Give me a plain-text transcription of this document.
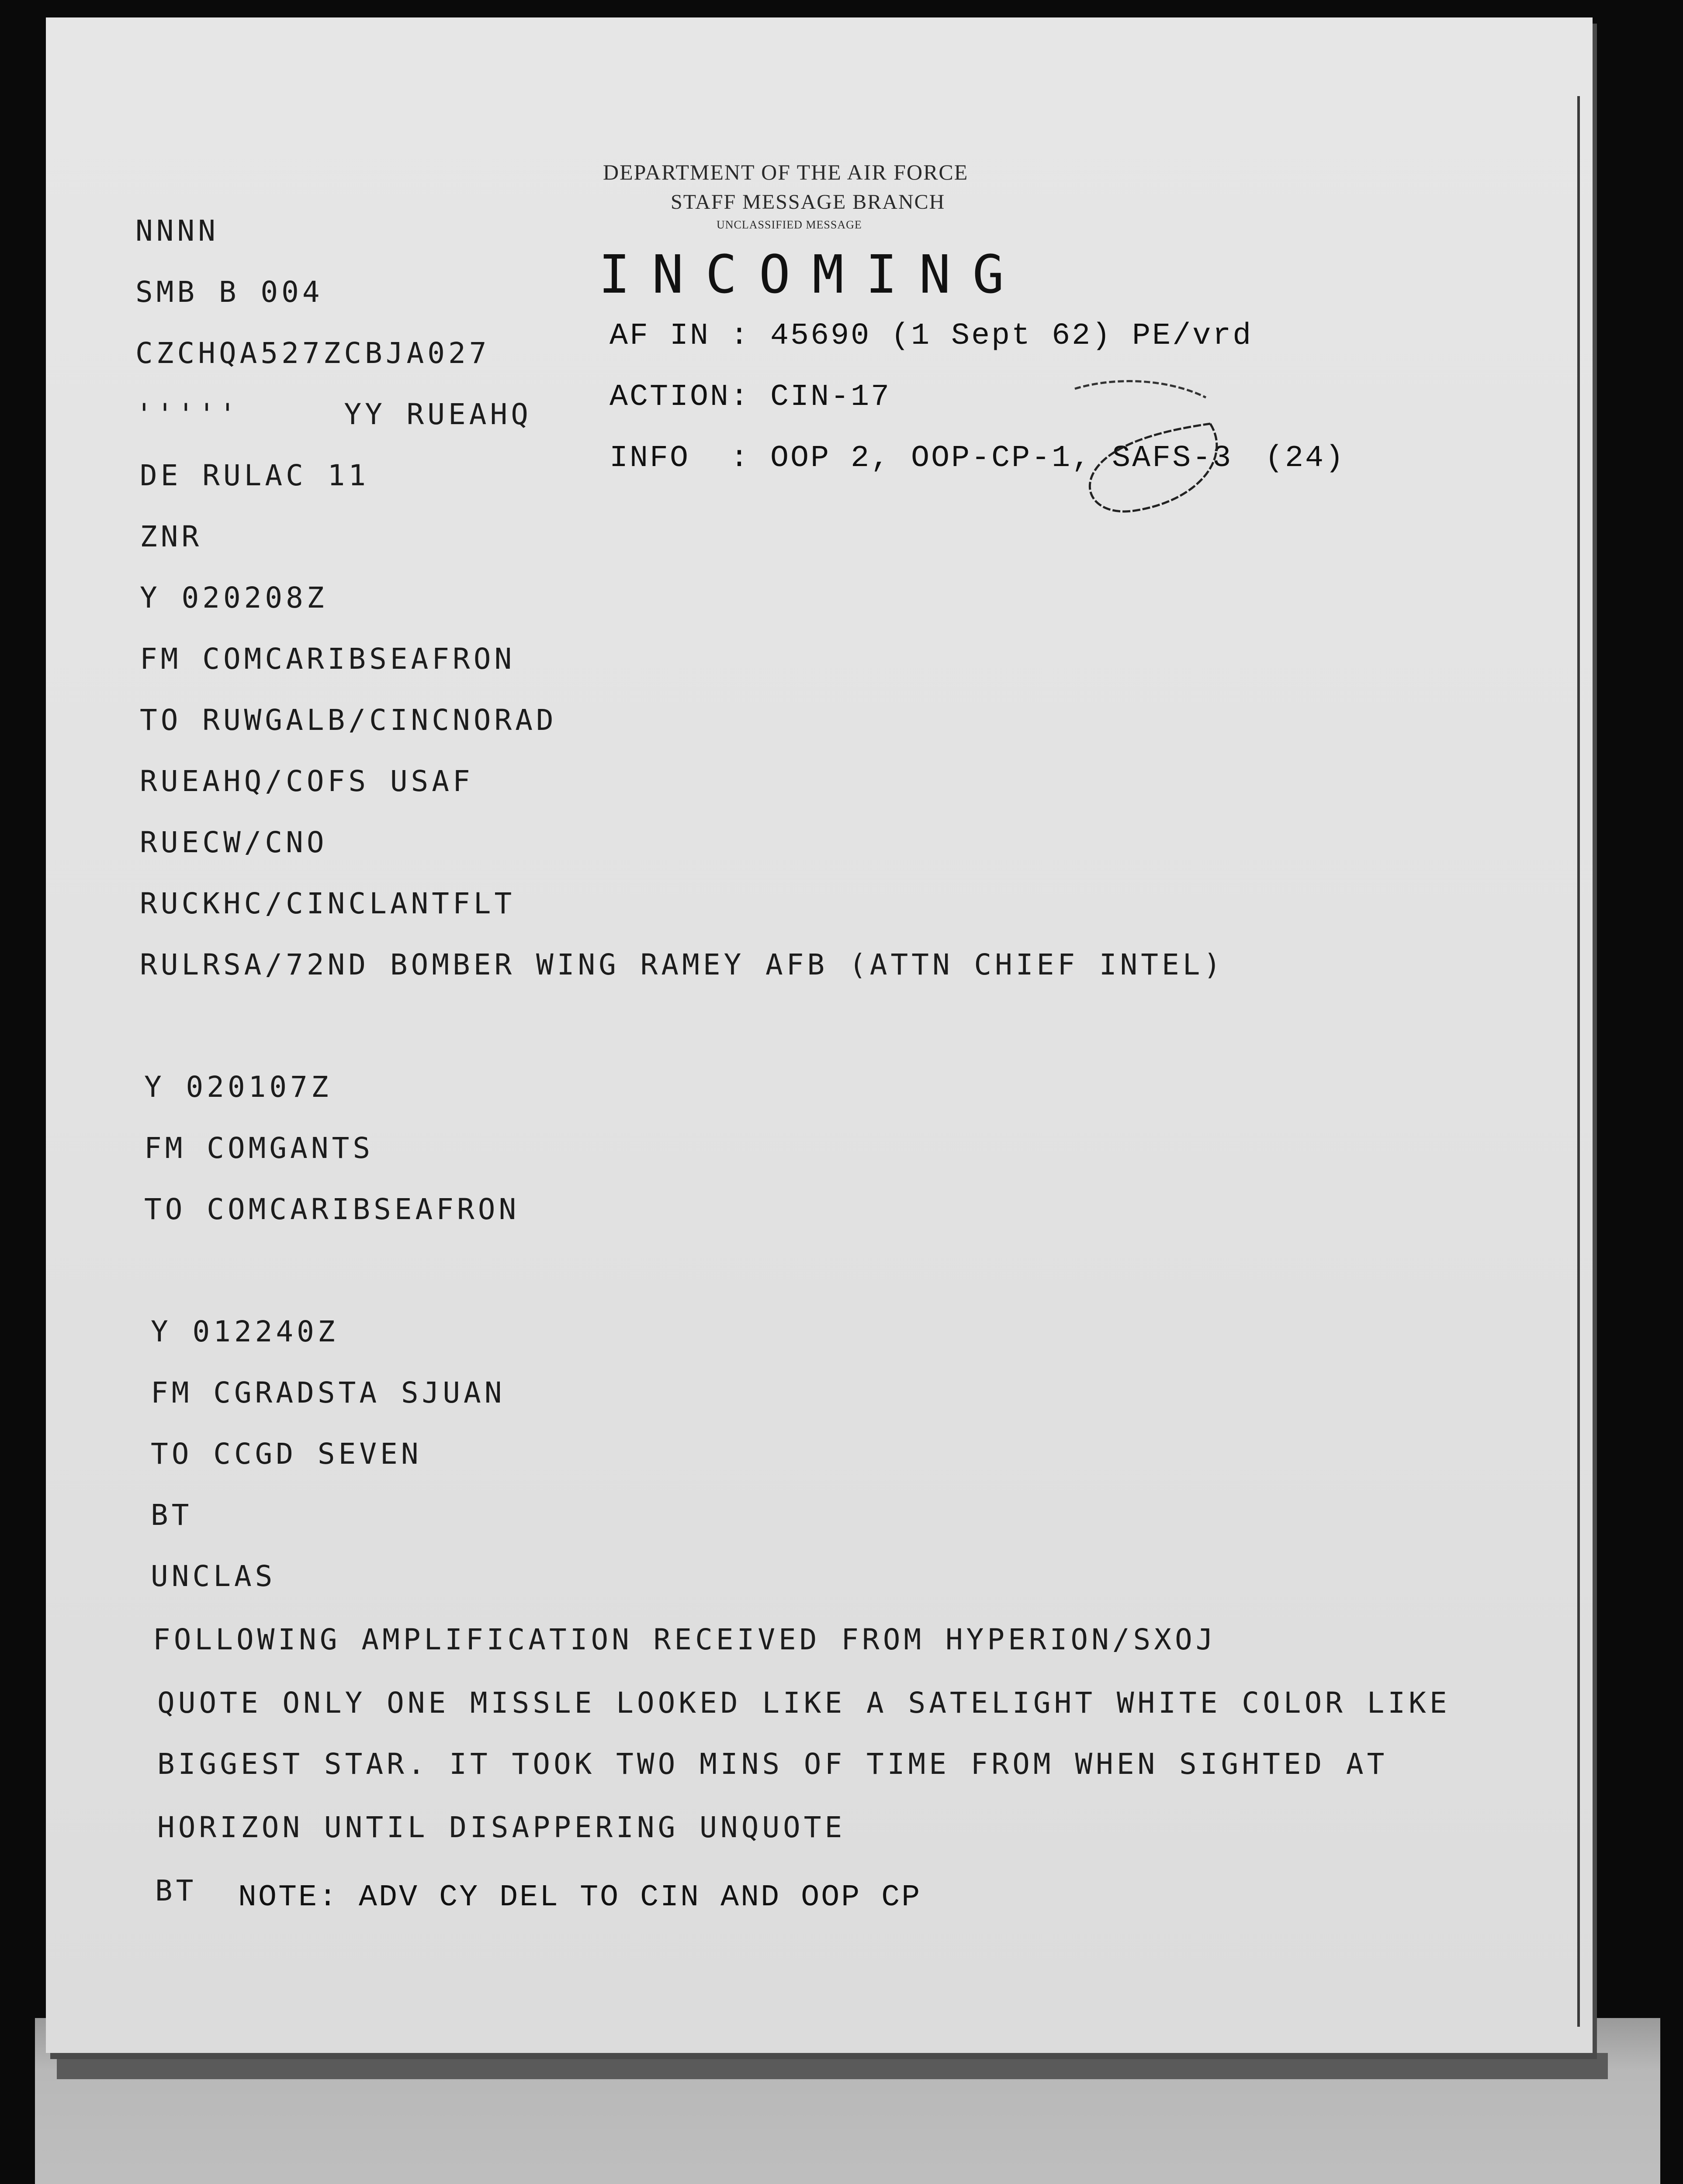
DEPARTMENT OF THE AIR FORCE
STAFF MESSAGE BRANCH
UNCLASSIFIED MESSAGE
INCOMING
AF IN : 45690 (1 Sept 62) PE/vrd
ACTION: CIN-17
INFO  : OOP 2, OOP-CP-1, SAFS-3 (24)
NNNN
SMB B 004
CZCHQA527ZCBJA027
'''''     YY RUEAHQ
DE RULAC 11
ZNR
Y 020208Z
FM COMCARIBSEAFRON
TO RUWGALB/CINCNORAD
RUEAHQ/COFS USAF
RUECW/CNO
RUCKHC/CINCLANTFLT
RULRSA/72ND BOMBER WING RAMEY AFB (ATTN CHIEF INTEL)
Y 020107Z
FM COMGANTS
TO COMCARIBSEAFRON
Y 012240Z
FM CGRADSTA SJUAN
TO CCGD SEVEN
BT
UNCLAS
FOLLOWING AMPLIFICATION RECEIVED FROM HYPERION/SXOJ
QUOTE ONLY ONE MISSLE LOOKED LIKE A SATELIGHT WHITE COLOR LIKE
BIGGEST STAR. IT TOOK TWO MINS OF TIME FROM WHEN SIGHTED AT
HORIZON UNTIL DISAPPERING UNQUOTE
BT NOTE: ADV CY DEL TO CIN AND OOP CP
